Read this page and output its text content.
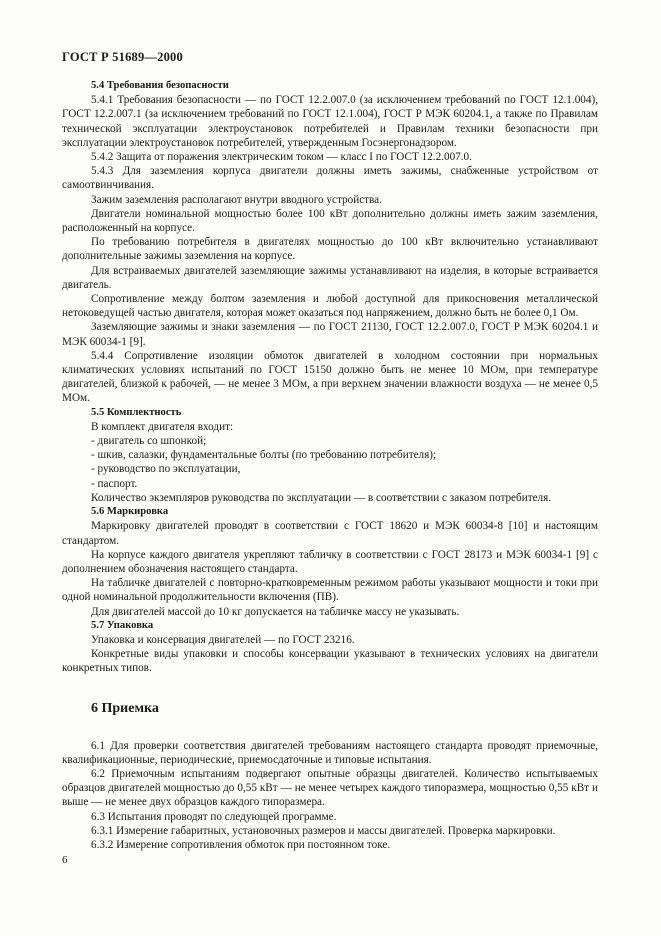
ГОСТ Р 51689—2000
5.4 Требования безопасности

5.4.1 Требования безопасности — по ГОСТ 12.2.007.0 (за исключением требований по ГОСТ 12.1.004), ГОСТ 12.2.007.1 (за исключением требований по ГОСТ 12.1.004), ГОСТ Р МЭК 60204.1, а также по Правилам технической эксплуатации электроустановок потребителей и Правилам техники безопасности при эксплуатации электроустановок потребителей, утвержденным Госэнергонадзором.

5.4.2 Защита от поражения электрическим током — класс I по ГОСТ 12.2.007.0.

5.4.3 Для заземления корпуса двигатели должны иметь зажимы, снабженные устройством от самоотвинчивания.

Зажим заземления располагают внутри вводного устройства.

Двигатели номинальной мощностью более 100 кВт дополнительно должны иметь зажим заземления, расположенный на корпусе.

По требованию потребителя в двигателях мощностью до 100 кВт включительно устанавливают дополнительные зажимы заземления на корпусе.

Для встраиваемых двигателей заземляющие зажимы устанавливают на изделия, в которые встраивается двигатель.

Сопротивление между болтом заземления и любой доступной для прикосновения металлической нетоковедущей частью двигателя, которая может оказаться под напряжением, должно быть не более 0,1 Ом.

Заземляющие зажимы и знаки заземления — по ГОСТ 21130, ГОСТ 12.2.007.0, ГОСТ Р МЭК 60204.1 и МЭК 60034-1 [9].

5.4.4 Сопротивление изоляции обмоток двигателей в холодном состоянии при нормальных климатических условиях испытаний по ГОСТ 15150 должно быть не менее 10 МОм, при температуре двигателей, близкой к рабочей, — не менее 3 МОм, а при верхнем значении влажности воздуха — не менее 0,5 МОм.

5.5 Комплектность

В комплект двигателя входит:

- двигатель со шпонкой;
- шкив, салазки, фундаментальные болты (по требованию потребителя);
- руководство по эксплуатации,
- паспорт.

Количество экземпляров руководства по эксплуатации — в соответствии с заказом потребителя.

5.6 Маркировка

Маркировку двигателей проводят в соответствии с ГОСТ 18620 и МЭК 60034-8 [10] и настоящим стандартом.

На корпусе каждого двигателя укрепляют табличку в соответствии с ГОСТ 28173 и МЭК 60034-1 [9] с дополнением обозначения настоящего стандарта.

На табличке двигателей с повторно-кратковременным режимом работы указывают мощности и токи при одной номинальной продолжительности включения (ПВ).

Для двигателей массой до 10 кг допускается на табличке массу не указывать.

5.7 Упаковка

Упаковка и консервация двигателей — по ГОСТ 23216.

Конкретные виды упаковки и способы консервации указывают в технических условиях на двигатели конкретных типов.

6 Приемка

6.1 Для проверки соответствия двигателей требованиям настоящего стандарта проводят приемочные, квалификационные, периодические, приемосдаточные и типовые испытания.

6.2 Приемочным испытаниям подвергают опытные образцы двигателей. Количество испытываемых образцов двигателей мощностью до 0,55 кВт — не менее четырех каждого типоразмера, мощностью 0,55 кВт и выше — не менее двух образцов каждого типоразмера.

6.3 Испытания проводят по следующей программе.

6.3.1 Измерение габаритных, установочных размеров и массы двигателей. Проверка маркировки.

6.3.2 Измерение сопротивления обмоток при постоянном токе.

6
